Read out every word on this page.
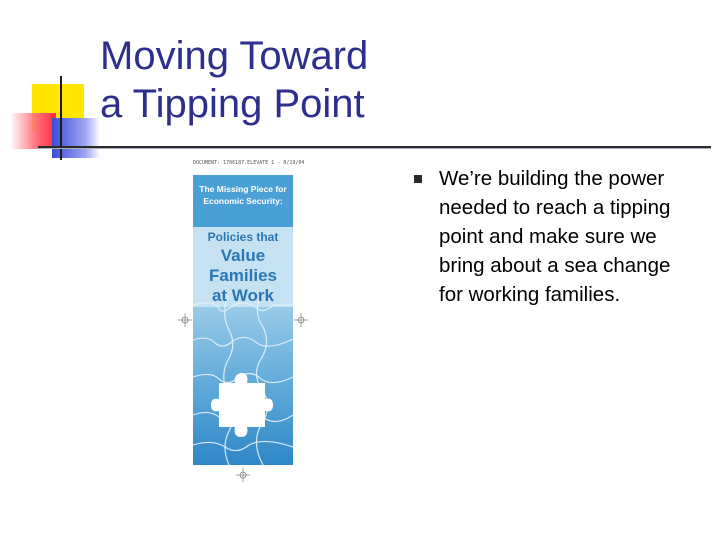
Moving Toward
a Tipping Point
DOCUMENT: 1706187.ELEVATE 1 - 8/19/04
The Missing Piece for
Economic Security:
Policies that
Value
Families
at Work

We’re building the power needed to reach a tipping point and make sure we bring about a sea change for working families.
